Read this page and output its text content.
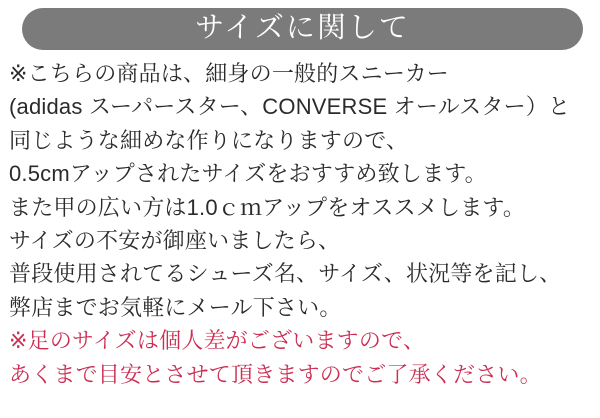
サイズに関して
※こちらの商品は、細身の一般的スニーカー
(adidas スーパースター、CONVERSE オールスター）と
同じような細めな作りになりますので、
0.5cmアップされたサイズをおすすめ致します。
また甲の広い方は1.0ｃｍアップをオススメします。
サイズの不安が御座いましたら、
普段使用されてるシューズ名、サイズ、状況等を記し、
弊店までお気軽にメール下さい。
※足のサイズは個人差がございますので、
あくまで目安とさせて頂きますのでご了承ください。
